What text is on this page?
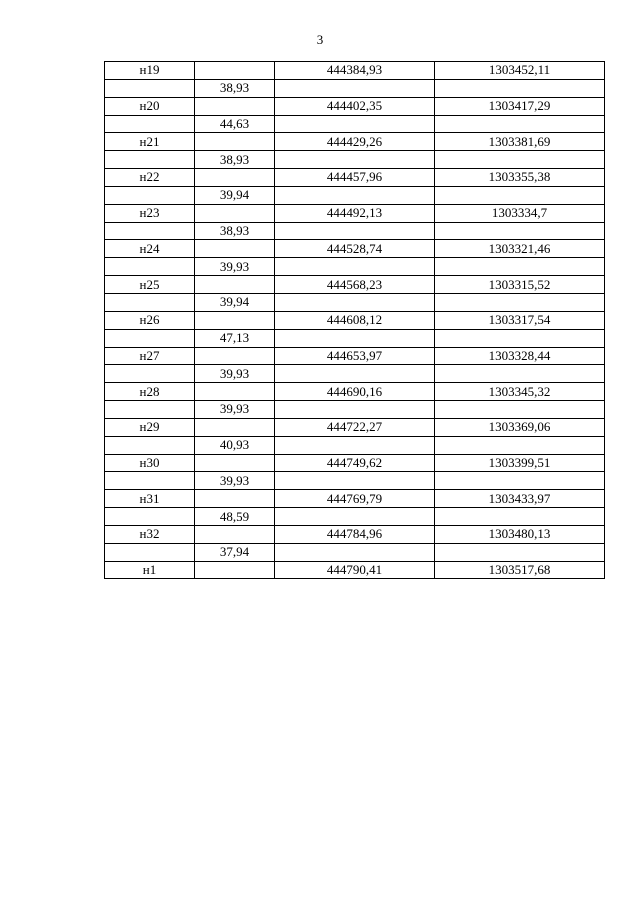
3
н19		444384,93	1303452,11
	38,93		
н20		444402,35	1303417,29
	44,63		
н21		444429,26	1303381,69
	38,93		
н22		444457,96	1303355,38
	39,94		
н23		444492,13	1303334,7
	38,93		
н24		444528,74	1303321,46
	39,93		
н25		444568,23	1303315,52
	39,94		
н26		444608,12	1303317,54
	47,13		
н27		444653,97	1303328,44
	39,93		
н28		444690,16	1303345,32
	39,93		
н29		444722,27	1303369,06
	40,93		
н30		444749,62	1303399,51
	39,93		
н31		444769,79	1303433,97
	48,59		
н32		444784,96	1303480,13
	37,94		
н1		444790,41	1303517,68
